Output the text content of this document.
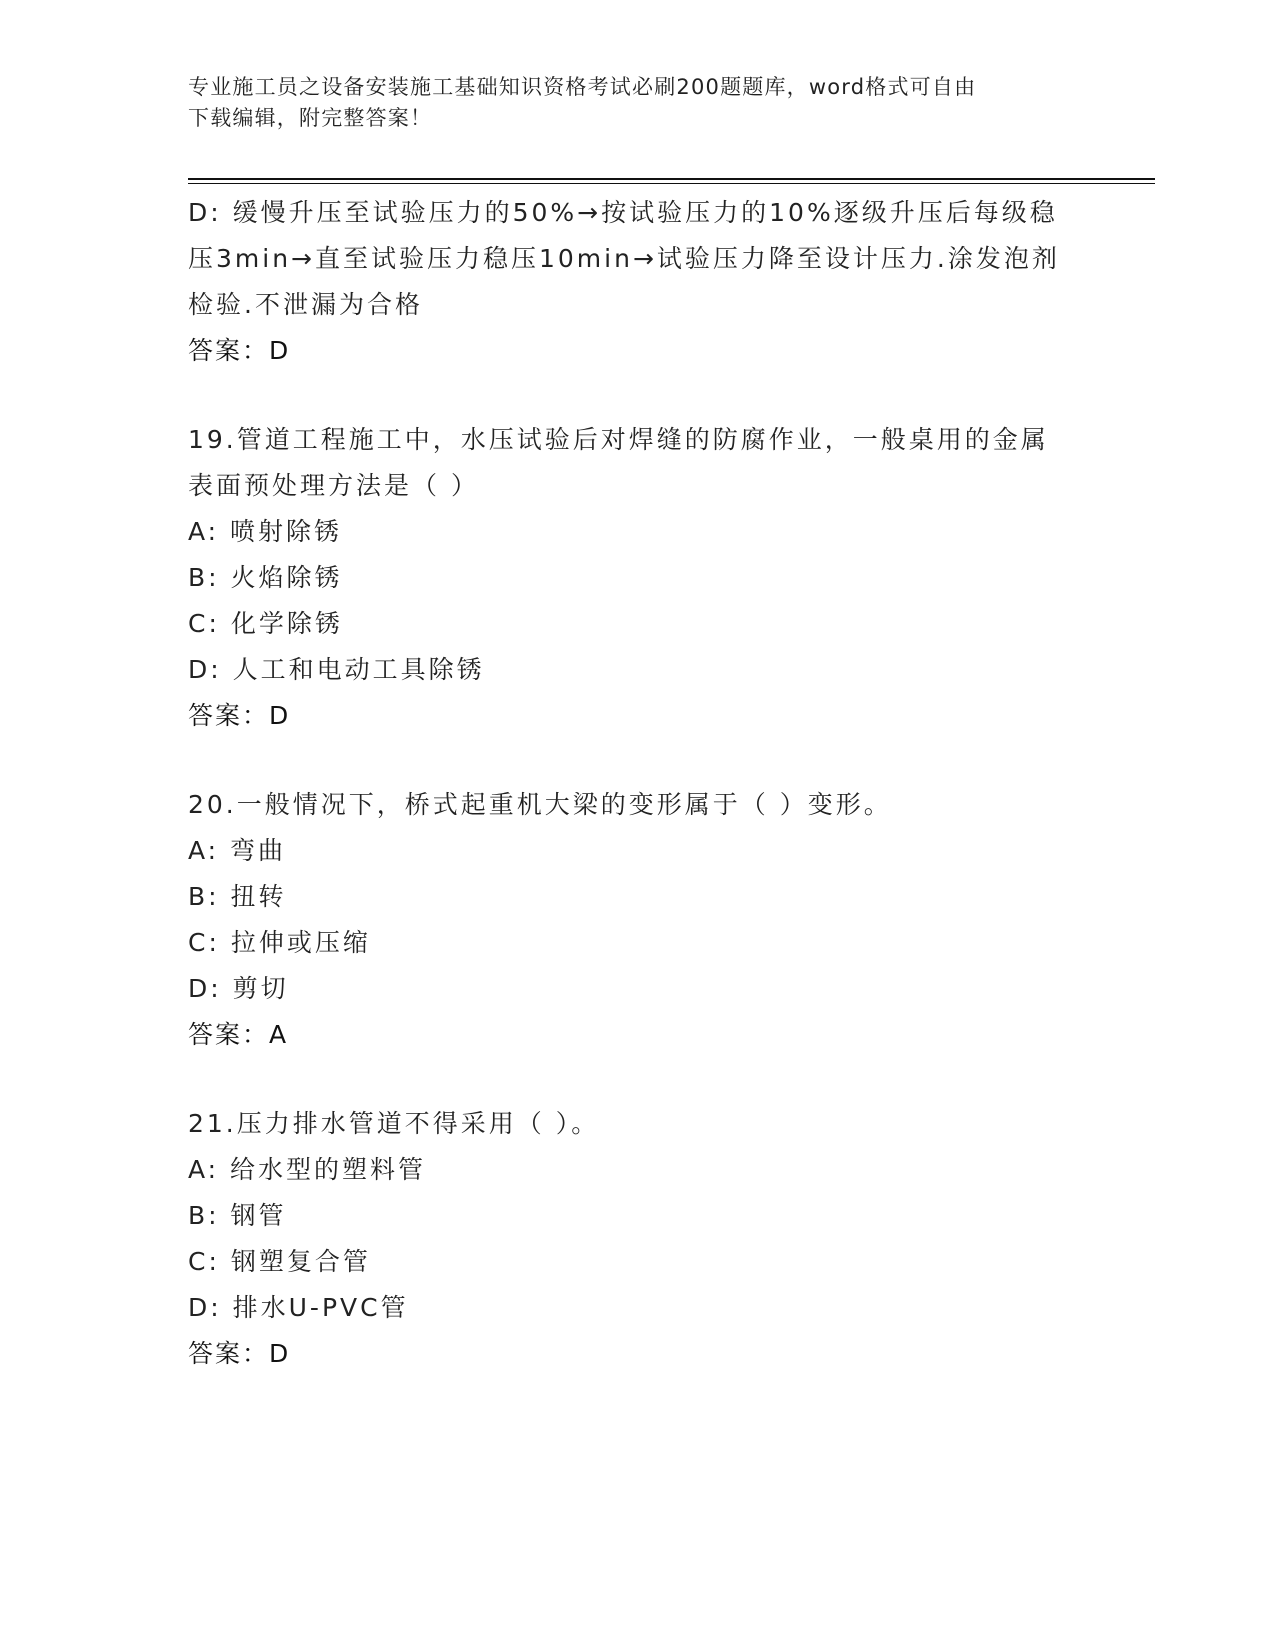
专业施工员之设备安装施工基础知识资格考试必刷200题题库，word格式可自由
下载编辑，附完整答案！
D: 缓慢升压至试验压力的50%→按试验压力的10%逐级升压后每级稳
压3min→直至试验压力稳压10min→试验压力降至设计压力.涂发泡剂
检验.不泄漏为合格
答案：D
19.管道工程施工中，水压试验后对焊缝的防腐作业，一般桌用的金属
表面预处理方法是（ ）
A: 喷射除锈
B: 火焰除锈
C: 化学除锈
D: 人工和电动工具除锈
答案：D
20.一般情况下，桥式起重机大梁的变形属于（ ）变形。
A: 弯曲
B: 扭转
C: 拉伸或压缩
D: 剪切
答案：A
21.压力排水管道不得采用（ ）。
A: 给水型的塑料管
B: 钢管
C: 钢塑复合管
D: 排水U-PVC管
答案：D
